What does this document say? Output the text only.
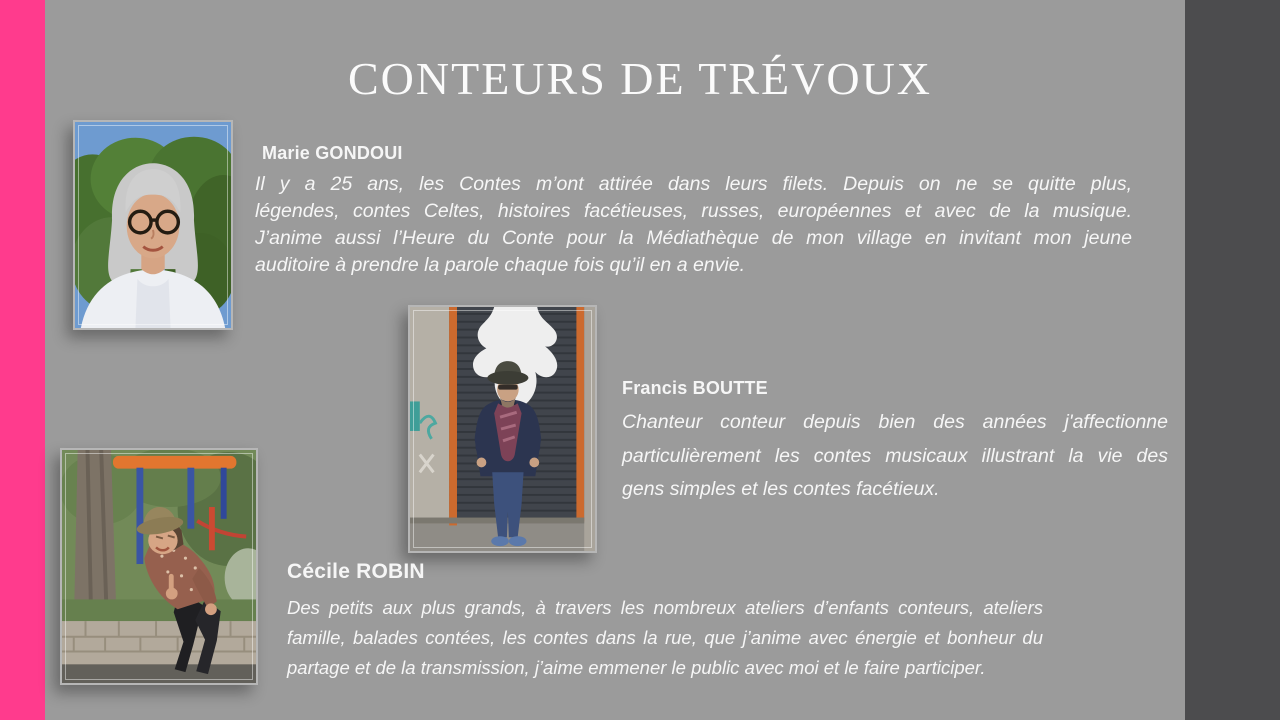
CONTEURS DE TRÉVOUX
Marie GONDOUI
Il y a 25 ans, les Contes m’ont attirée dans leurs filets. Depuis on ne se quitte plus,
légendes, contes Celtes, histoires facétieuses, russes, européennes et avec de la musique.
J’anime aussi l’Heure du Conte pour la Médiathèque de mon village en invitant mon jeune
auditoire à prendre la parole chaque fois qu’il en a envie.
Francis BOUTTE
Chanteur conteur depuis bien des années j'affectionne
particulièrement les contes musicaux illustrant la vie des
gens simples et les contes facétieux.
Cécile ROBIN
Des petits aux plus grands, à travers les nombreux ateliers d’enfants conteurs, ateliers
famille, balades contées, les contes dans la rue, que j’anime avec énergie et bonheur du
partage et de la transmission, j’aime emmener le public avec moi et le faire participer.
